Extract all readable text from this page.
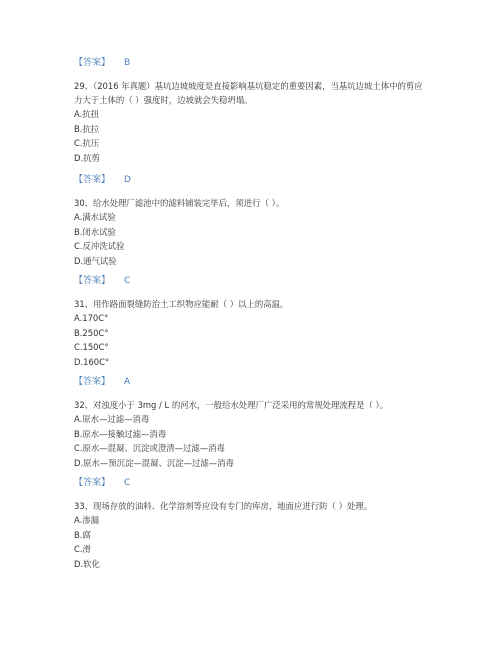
【答案】 B

29、（2016 年真题）基坑边坡坡度是直接影响基坑稳定的重要因素，当基坑边坡土体中的剪应力大于土体的（ ）强度时，边坡就会失稳坍塌。

A.抗扭

B.抗拉

C.抗压

D.抗剪

【答案】 D

30、给水处理厂滤池中的滤料铺装完毕后，须进行（ ）。

A.满水试验

B.闭水试验

C.反冲洗试验

D.通气试验

【答案】 C

31、用作路面裂缝防治土工织物应能耐（ ）以上的高温。

A.170C°

B.250C°

C.150C°

D.160C°

【答案】 A

32、对浊度小于 3mg / L 的河水，一般给水处理厂广泛采用的常规处理流程是（ ）。

A.原水—过滤—消毒

B.原水—接触过滤—消毒

C.原水—混凝、沉淀或澄清—过滤—消毒

D.原水—预沉淀—混凝、沉淀—过滤—消毒

【答案】 C

33、现场存放的油料、化学溶剂等应设有专门的库房，地面应进行防（ ）处理。

A.渗漏

B.腐

C.滑

D.软化
